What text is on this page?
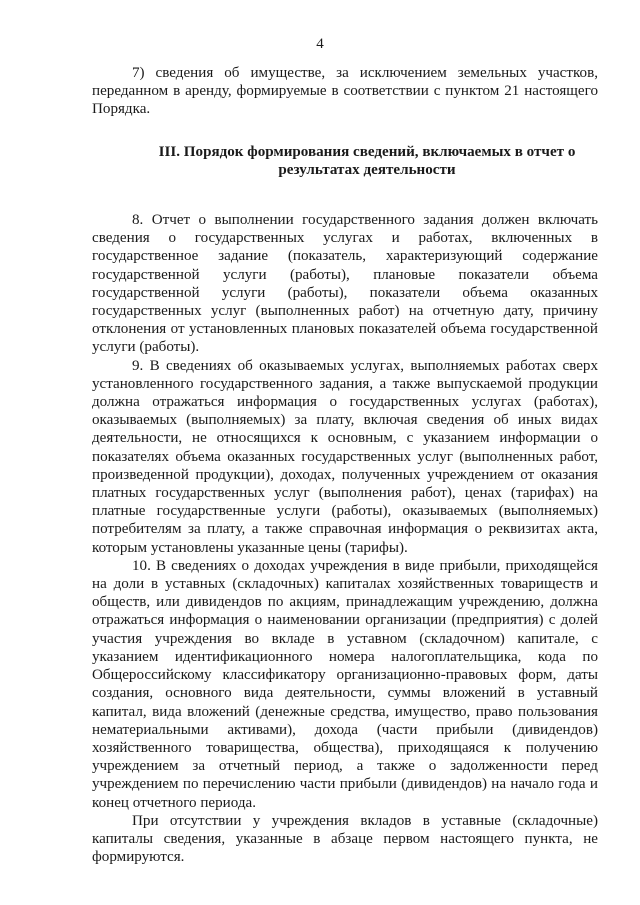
4

7) сведения об имуществе, за исключением земельных участков, переданном в аренду, формируемые в соответствии с пунктом 21 настоящего Порядка.

III. Порядок формирования сведений, включаемых в отчет о результатах деятельности

8. Отчет о выполнении государственного задания должен включать сведения о государственных услугах и работах, включенных в государственное задание (показатель, характеризующий содержание государственной услуги (работы), плановые показатели объема государственной услуги (работы), показатели объема оказанных государственных услуг (выполненных работ) на отчетную дату, причину отклонения от установленных плановых показателей объема государственной услуги (работы).

9. В сведениях об оказываемых услугах, выполняемых работах сверх установленного государственного задания, а также выпускаемой продукции должна отражаться информация о государственных услугах (работах), оказываемых (выполняемых) за плату, включая сведения об иных видах деятельности, не относящихся к основным, с указанием информации о показателях объема оказанных государственных услуг (выполненных работ, произведенной продукции), доходах, полученных учреждением от оказания платных государственных услуг (выполнения работ), ценах (тарифах) на платные государственные услуги (работы), оказываемых (выполняемых) потребителям за плату, а также справочная информация о реквизитах акта, которым установлены указанные цены (тарифы).

10. В сведениях о доходах учреждения в виде прибыли, приходящейся на доли в уставных (складочных) капиталах хозяйственных товариществ и обществ, или дивидендов по акциям, принадлежащим учреждению, должна отражаться информация о наименовании организации (предприятия) с долей участия учреждения во вкладе в уставном (складочном) капитале, с указанием идентификационного номера налогоплательщика, кода по Общероссийскому классификатору организационно-правовых форм, даты создания, основного вида деятельности, суммы вложений в уставный капитал, вида вложений (денежные средства, имущество, право пользования нематериальными активами), дохода (части прибыли (дивидендов) хозяйственного товарищества, общества), приходящаяся к получению учреждением за отчетный период, а также о задолженности перед учреждением по перечислению части прибыли (дивидендов) на начало года и конец отчетного периода.

При отсутствии у учреждения вкладов в уставные (складочные) капиталы сведения, указанные в абзаце первом настоящего пункта, не формируются.
